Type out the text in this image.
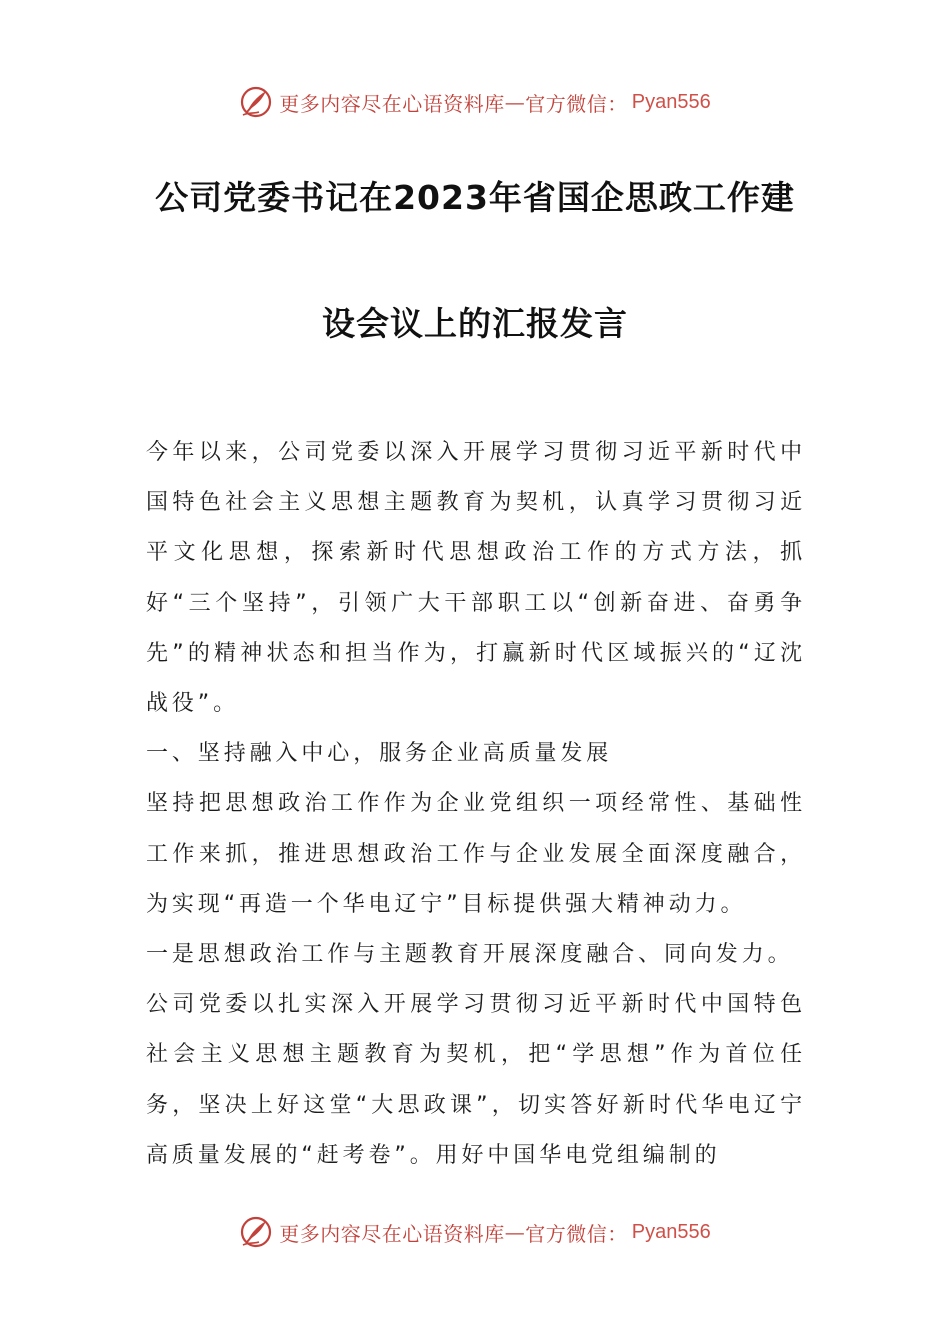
更多内容尽在心语资料库 — 官方微信： Pyan556
公司党委书记在2023年省国企思政工作建
设会议上的汇报发言

今年以来，公司党委以深入开展学习贯彻习近平新时代中国特色社会主义思想主题教育为契机，认真学习贯彻习近平文化思想，探索新时代思想政治工作的方式方法，抓好“三个坚持”，引领广大干部职工以“创新奋进、奋勇争先”的精神状态和担当作为，打赢新时代区域振兴的“辽沈战役”。

一、坚持融入中心，服务企业高质量发展

坚持把思想政治工作作为企业党组织一项经常性、基础性工作来抓，推进思想政治工作与企业发展全面深度融合，为实现“再造一个华电辽宁”目标提供强大精神动力。

一是思想政治工作与主题教育开展深度融合、同向发力。

公司党委以扎实深入开展学习贯彻习近平新时代中国特色社会主义思想主题教育为契机，把“学思想”作为首位任务，坚决上好这堂“大思政课”，切实答好新时代华电辽宁高质量发展的“赶考卷”。用好中国华电党组编制的

更多内容尽在心语资料库 — 官方微信： Pyan556
